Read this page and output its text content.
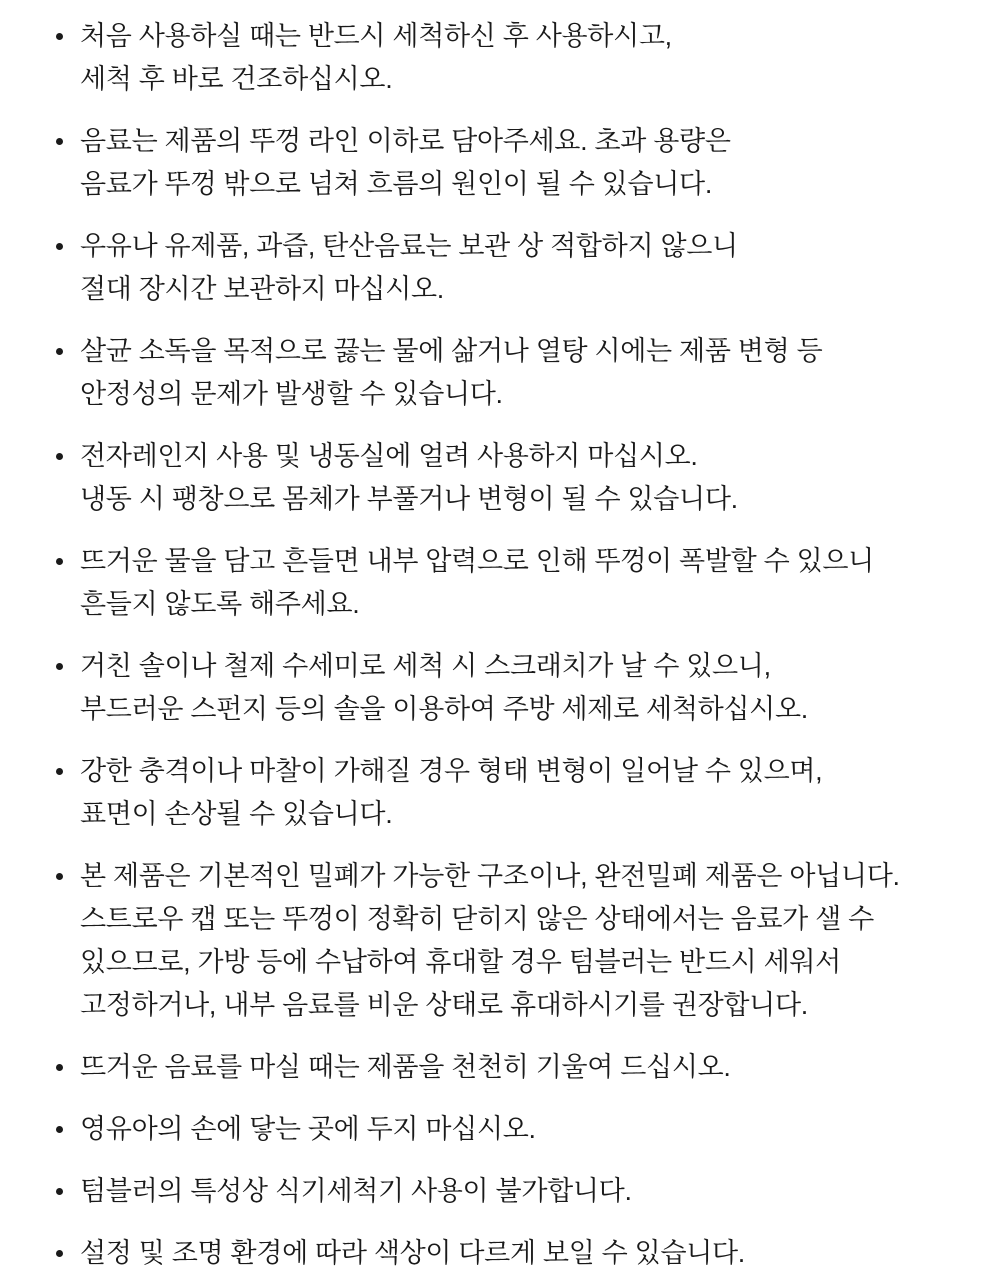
처음 사용하실 때는 반드시 세척하신 후 사용하시고,
세척 후 바로 건조하십시오.
음료는 제품의 뚜껑 라인 이하로 담아주세요. 초과 용량은
음료가 뚜껑 밖으로 넘쳐 흐름의 원인이 될 수 있습니다.
우유나 유제품, 과즙, 탄산음료는 보관 상 적합하지 않으니
절대 장시간 보관하지 마십시오.
살균 소독을 목적으로 끓는 물에 삶거나 열탕 시에는 제품 변형 등
안정성의 문제가 발생할 수 있습니다.
전자레인지 사용 및 냉동실에 얼려 사용하지 마십시오.
냉동 시 팽창으로 몸체가 부풀거나 변형이 될 수 있습니다.
뜨거운 물을 담고 흔들면 내부 압력으로 인해 뚜껑이 폭발할 수 있으니
흔들지 않도록 해주세요.
거친 솔이나 철제 수세미로 세척 시 스크래치가 날 수 있으니,
부드러운 스펀지 등의 솔을 이용하여 주방 세제로 세척하십시오.
강한 충격이나 마찰이 가해질 경우 형태 변형이 일어날 수 있으며,
표면이 손상될 수 있습니다.
본 제품은 기본적인 밀폐가 가능한 구조이나, 완전밀폐 제품은 아닙니다.
스트로우 캡 또는 뚜껑이 정확히 닫히지 않은 상태에서는 음료가 샐 수
있으므로, 가방 등에 수납하여 휴대할 경우 텀블러는 반드시 세워서
고정하거나, 내부 음료를 비운 상태로 휴대하시기를 권장합니다.
뜨거운 음료를 마실 때는 제품을 천천히 기울여 드십시오.
영유아의 손에 닿는 곳에 두지 마십시오.
텀블러의 특성상 식기세척기 사용이 불가합니다.
설정 및 조명 환경에 따라 색상이 다르게 보일 수 있습니다.
